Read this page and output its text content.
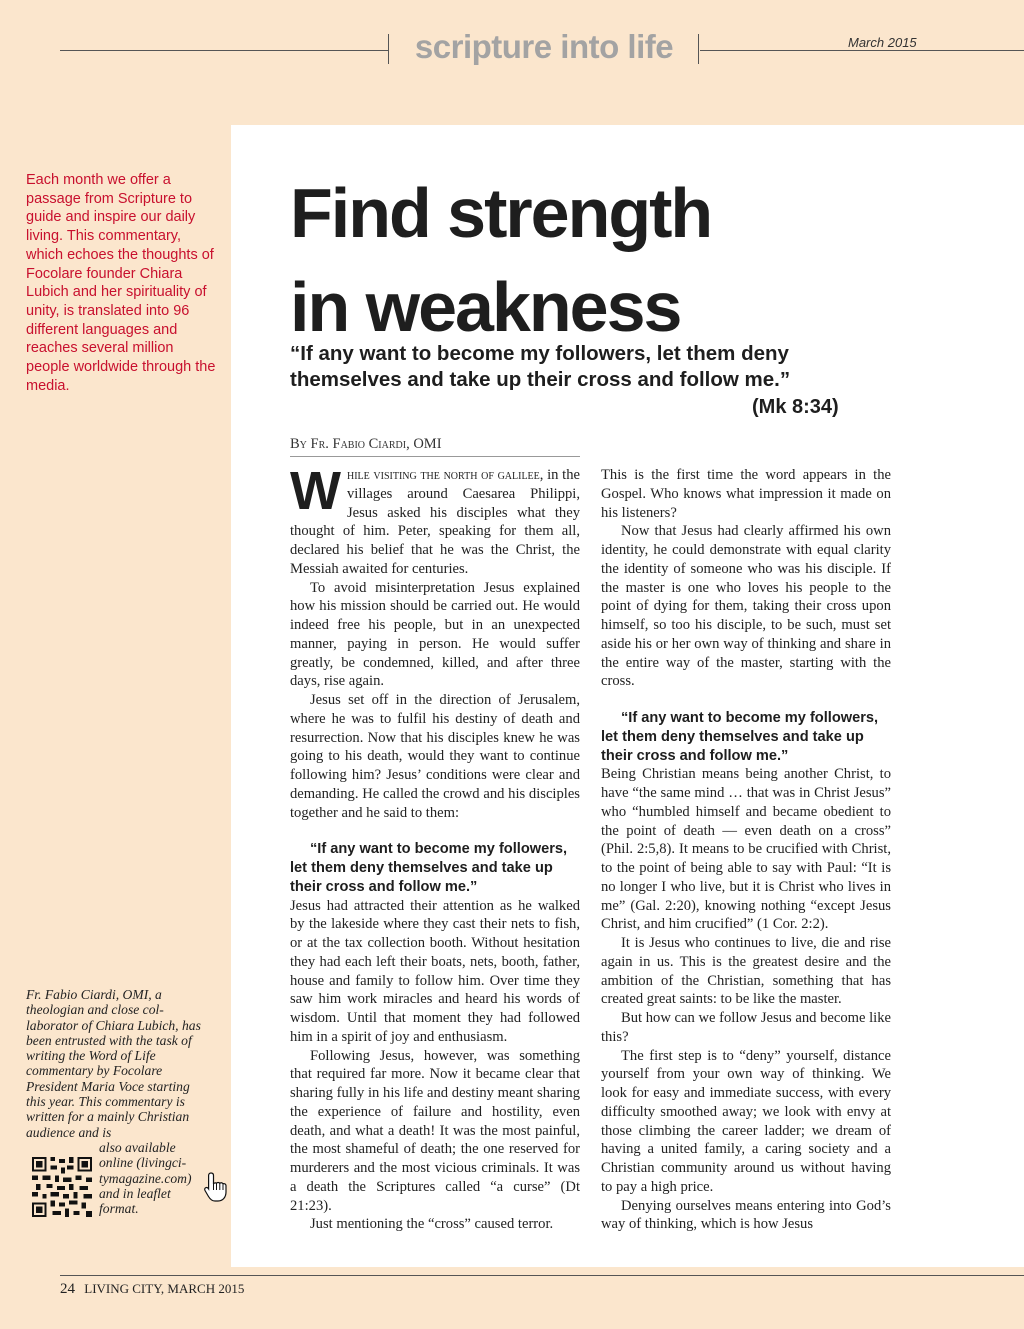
scripture into life	March 2015
Each month we offer a passage from Scripture to guide and inspire our daily living. This commentary, which echoes the thoughts of Focolare founder Chiara Lubich and her spirituality of unity, is translated into 96 different languages and reaches several million people worldwide through the media.
Find strength
in weakness
“If any want to become my followers, let them deny themselves and take up their cross and follow me.”
(Mk 8:34)
By Fr. Fabio Ciardi, OMI

While visiting the north of galilee, in the villages around Caesarea Philippi, Jesus asked his disciples what they thought of him. Peter, speaking for them all, declared his belief that he was the Christ, the Messiah awaited for centuries.

To avoid misinterpretation Jesus explained how his mission should be carried out. He would indeed free his people, but in an unexpected manner, paying in person. He would suffer greatly, be condemned, killed, and after three days, rise again.

Jesus set off in the direction of Jerusalem, where he was to fulfil his destiny of death and resurrection. Now that his disciples knew he was going to his death, would they want to continue following him? Jesus’ conditions were clear and demanding. He called the crowd and his disciples together and he said to them:

“If any want to become my followers, let them deny themselves and take up their cross and follow me.”

Jesus had attracted their attention as he walked by the lakeside where they cast their nets to fish, or at the tax collection booth. Without hesitation they had each left their boats, nets, booth, father, house and family to follow him. Over time they saw him work miracles and heard his words of wisdom. Until that moment they had followed him in a spirit of joy and enthusiasm.

Following Jesus, however, was something that required far more. Now it became clear that sharing fully in his life and destiny meant sharing the experience of failure and hostility, even death, and what a death! It was the most painful, the most shameful of death; the one reserved for murderers and the most vicious criminals. It was a death the Scriptures called “a curse” (Dt 21:23).

Just mentioning the “cross” caused terror.

This is the first time the word appears in the Gospel. Who knows what impression it made on his listeners?

Now that Jesus had clearly affirmed his own identity, he could demonstrate with equal clarity the identity of someone who was his disciple. If the master is one who loves his people to the point of dying for them, taking their cross upon himself, so too his disciple, to be such, must set aside his or her own way of thinking and share in the entire way of the master, starting with the cross.

“If any want to become my followers, let them deny themselves and take up their cross and follow me.”

Being Christian means being another Christ, to have “the same mind … that was in Christ Jesus” who “humbled himself and became obedient to the point of death — even death on a cross” (Phil. 2:5,8). It means to be crucified with Christ, to the point of being able to say with Paul: “It is no longer I who live, but it is Christ who lives in me” (Gal. 2:20), knowing nothing “except Jesus Christ, and him crucified” (1 Cor. 2:2).

It is Jesus who continues to live, die and rise again in us. This is the greatest desire and the ambition of the Christian, something that has created great saints: to be like the master.

But how can we follow Jesus and become like this?

The first step is to “deny” yourself, distance yourself from your own way of thinking. We look for easy and immediate success, with every difficulty smoothed away; we look with envy at those climbing the career ladder; we dream of having a united family, a caring society and a Christian community around us without having to pay a high price.

Denying ourselves means entering into God’s way of thinking, which is how Jesus

Fr. Fabio Ciardi, OMI, a theologian and close collaborator of Chiara Lubich, has been entrusted with the task of writing the Word of Life commentary by Focolare President Maria Voce starting this year. This commentary is written for a mainly Christian audience and is
also available online (livingcitymagazine.com) and in leaflet format.
24 LIVING CITY, MARCH 2015
